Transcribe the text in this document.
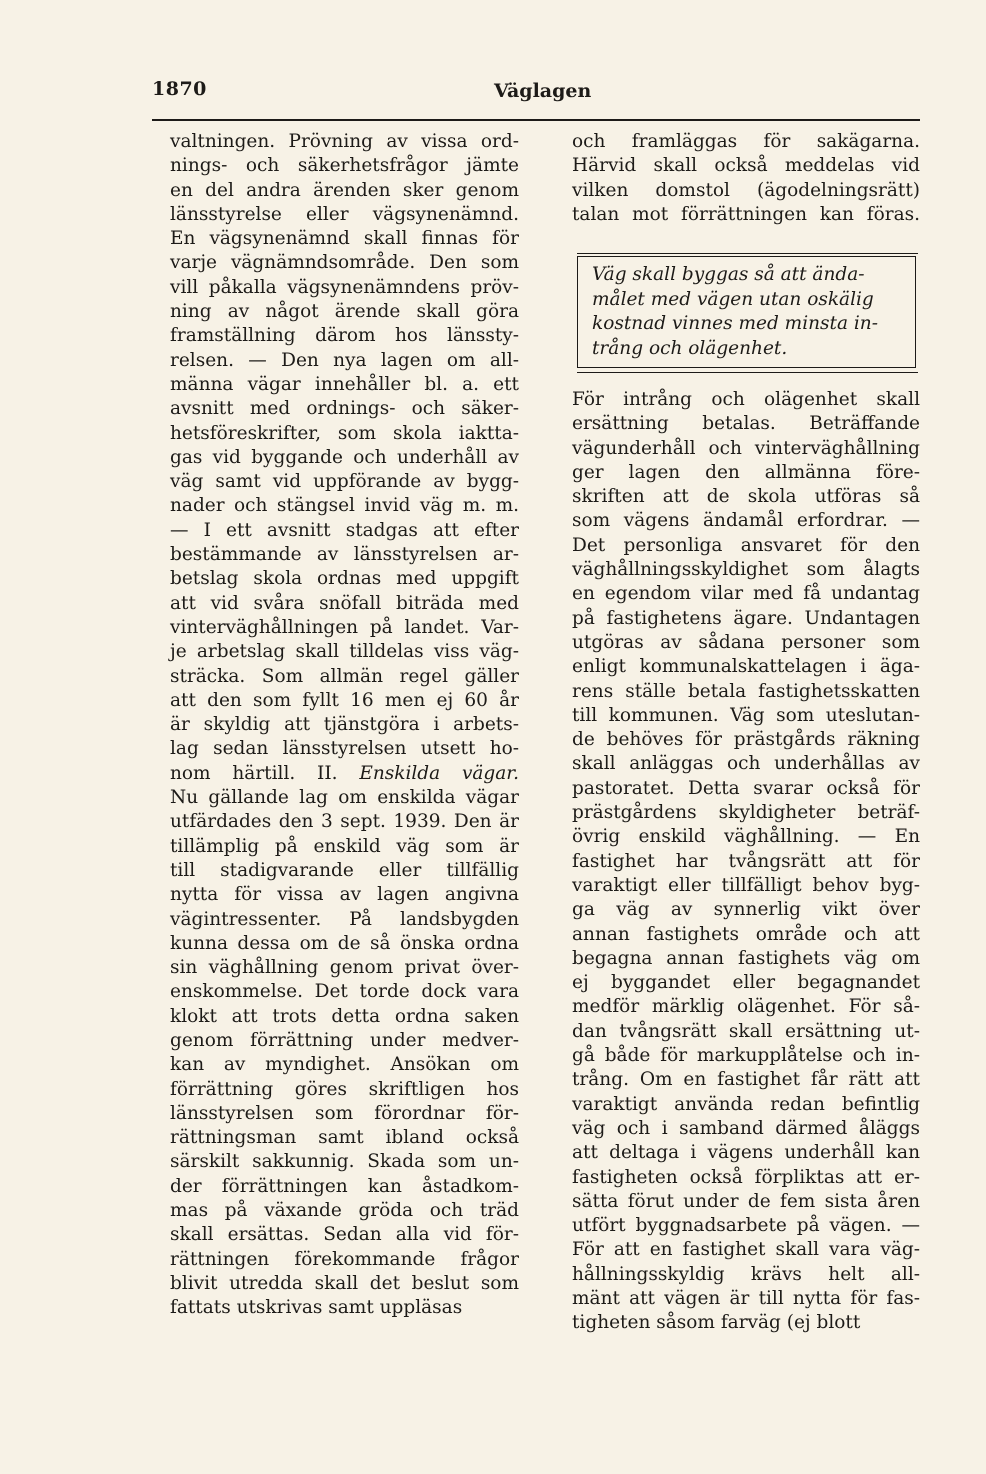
1870	Väglagen
valtningen. Prövning av vissa ord-
nings- och säkerhetsfrågor jämte
en del andra ärenden sker genom
länsstyrelse eller vägsynenämnd.
En vägsynenämnd skall finnas för
varje vägnämndsområde. Den som
vill påkalla vägsynenämndens pröv-
ning av något ärende skall göra
framställning därom hos länssty-
relsen. — Den nya lagen om all-
männa vägar innehåller bl. a. ett
avsnitt med ordnings- och säker-
hetsföreskrifter, som skola iaktta-
gas vid byggande och underhåll av
väg samt vid uppförande av bygg-
nader och stängsel invid väg m. m.
— I ett avsnitt stadgas att efter
bestämmande av länsstyrelsen ar-
betslag skola ordnas med uppgift
att vid svåra snöfall biträda med
vinterväghållningen på landet. Var-
je arbetslag skall tilldelas viss väg-
sträcka. Som allmän regel gäller
att den som fyllt 16 men ej 60 år
är skyldig att tjänstgöra i arbets-
lag sedan länsstyrelsen utsett ho-
nom härtill. II. Enskilda vägar.
Nu gällande lag om enskilda vägar
utfärdades den 3 sept. 1939. Den är
tillämplig på enskild väg som är
till stadigvarande eller tillfällig
nytta för vissa av lagen angivna
vägintressenter. På landsbygden
kunna dessa om de så önska ordna
sin väghållning genom privat över-
enskommelse. Det torde dock vara
klokt att trots detta ordna saken
genom förrättning under medver-
kan av myndighet. Ansökan om
förrättning göres skriftligen hos
länsstyrelsen som förordnar för-
rättningsman samt ibland också
särskilt sakkunnig. Skada som un-
der förrättningen kan åstadkom-
mas på växande gröda och träd
skall ersättas. Sedan alla vid för-
rättningen förekommande frågor
blivit utredda skall det beslut som
fattats utskrivas samt uppläsas
och framläggas för sakägarna.
Härvid skall också meddelas vid
vilken domstol (ägodelningsrätt)
talan mot förrättningen kan föras.
Väg skall byggas så att ända-
målet med vägen utan oskälig
kostnad vinnes med minsta in-
trång och olägenhet.
För intrång och olägenhet skall
ersättning betalas. Beträffande
vägunderhåll och vinterväghållning
ger lagen den allmänna före-
skriften att de skola utföras så
som vägens ändamål erfordrar. —
Det personliga ansvaret för den
väghållningsskyldighet som ålagts
en egendom vilar med få undantag
på fastighetens ägare. Undantagen
utgöras av sådana personer som
enligt kommunalskattelagen i äga-
rens ställe betala fastighetsskatten
till kommunen. Väg som uteslutan-
de behöves för prästgårds räkning
skall anläggas och underhållas av
pastoratet. Detta svarar också för
prästgårdens skyldigheter beträf-
övrig enskild väghållning. — En
fastighet har tvångsrätt att för
varaktigt eller tillfälligt behov byg-
ga väg av synnerlig vikt över
annan fastighets område och att
begagna annan fastighets väg om
ej byggandet eller begagnandet
medför märklig olägenhet. För så-
dan tvångsrätt skall ersättning ut-
gå både för markupplåtelse och in-
trång. Om en fastighet får rätt att
varaktigt använda redan befintlig
väg och i samband därmed åläggs
att deltaga i vägens underhåll kan
fastigheten också förpliktas att er-
sätta förut under de fem sista åren
utfört byggnadsarbete på vägen. —
För att en fastighet skall vara väg-
hållningsskyldig krävs helt all-
mänt att vägen är till nytta för fas-
tigheten såsom farväg (ej blott
